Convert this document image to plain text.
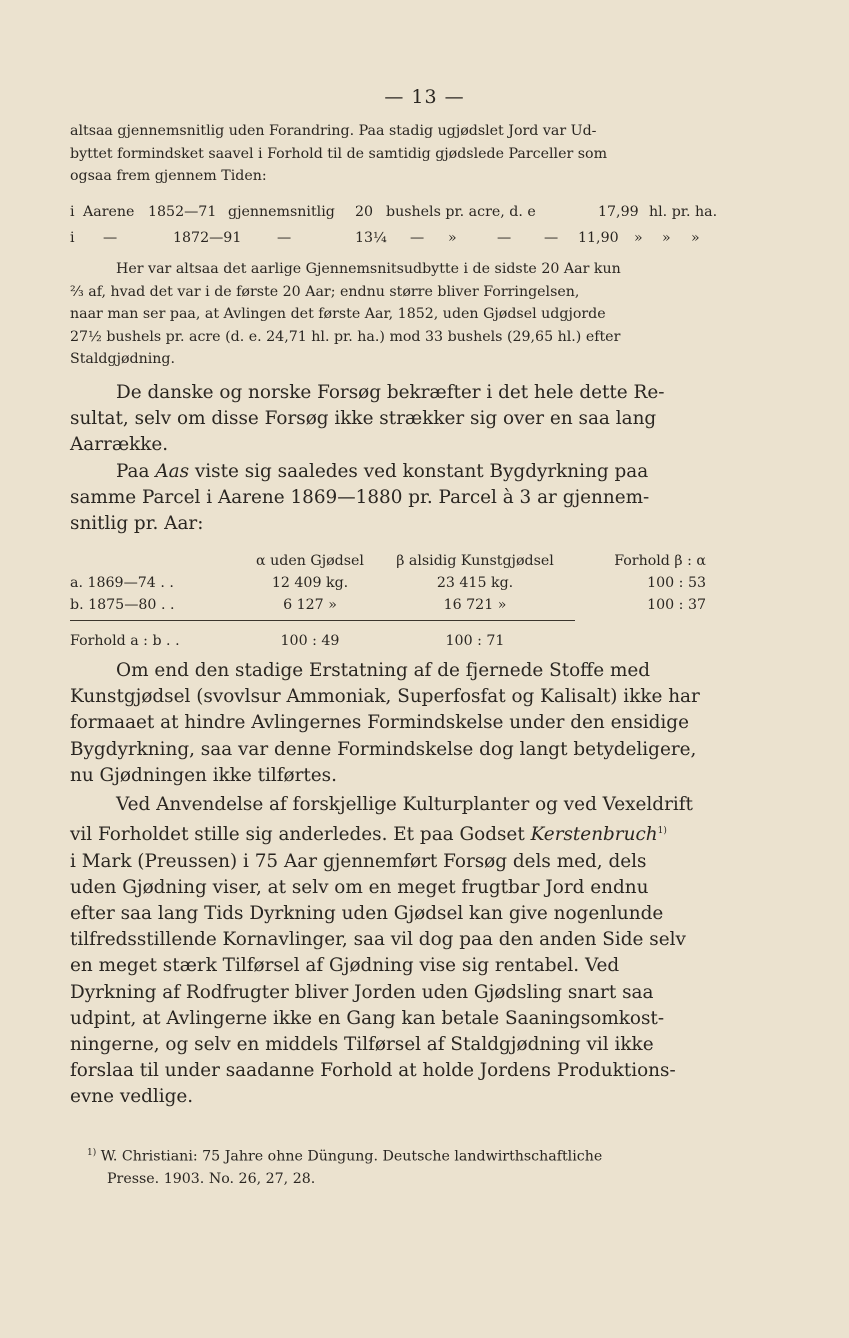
— 13 —
altsaa gjennemsnitlig uden Forandring. Paa stadig ugjødslet Jord var Ud-
byttet formindsket saavel i Forhold til de samtidig gjødslede Parceller som
ogsaa frem gjennem Tiden:
i Aarene 1852—71 gjennemsnitlig 20 bushels pr. acre, d. e	17,99 hl. pr. ha.
i —	1872—91	—	13¼ — »	— — 11,90 » » »
Her var altsaa det aarlige Gjennemsnitsudbytte i de sidste 20 Aar kun
⅔ af, hvad det var i de første 20 Aar; endnu større bliver Forringelsen,
naar man ser paa, at Avlingen det første Aar, 1852, uden Gjødsel udgjorde
27½ bushels pr. acre (d. e. 24,71 hl. pr. ha.) mod 33 bushels (29,65 hl.) efter
Staldgjødning.
De danske og norske Forsøg bekræfter i det hele dette Re-
sultat, selv om disse Forsøg ikke strækker sig over en saa lang
Aarrække.
Paa Aas viste sig saaledes ved konstant Bygdyrkning paa
samme Parcel i Aarene 1869—1880 pr. Parcel à 3 ar gjennem-
snitlig pr. Aar:
	α uden Gjødsel	β alsidig Kunstgjødsel	Forhold β : α
a. 1869—74 . .	12 409 kg.	23 415 kg.	100 : 53
b. 1875—80 . .	6 127 »	16 721 »	100 : 37
Forhold a : b . .	100 : 49	100 : 71	
Om end den stadige Erstatning af de fjernede Stoffe med
Kunstgjødsel (svovlsur Ammoniak, Superfosfat og Kalisalt) ikke har
formaaet at hindre Avlingernes Formindskelse under den ensidige
Bygdyrkning, saa var denne Formindskelse dog langt betydeligere,
nu Gjødningen ikke tilførtes.
Ved Anvendelse af forskjellige Kulturplanter og ved Vexeldrift
vil Forholdet stille sig anderledes. Et paa Godset Kerstenbruch$^{1)}$
i Mark (Preussen) i 75 Aar gjennemført Forsøg dels med, dels
uden Gjødning viser, at selv om en meget frugtbar Jord endnu
efter saa lang Tids Dyrkning uden Gjødsel kan give nogenlunde
tilfredsstillende Kornavlinger, saa vil dog paa den anden Side selv
en meget stærk Tilførsel af Gjødning vise sig rentabel. Ved
Dyrkning af Rodfrugter bliver Jorden uden Gjødsling snart saa
udpint, at Avlingerne ikke en Gang kan betale Saaningsomkost-
ningerne, og selv en middels Tilførsel af Staldgjødning vil ikke
forslaa til under saadanne Forhold at holde Jordens Produktions-
evne vedlige.
$^{1)}$ W. Christiani: 75 Jahre ohne Düngung. Deutsche landwirthschaftliche
Presse. 1903. No. 26, 27, 28.
